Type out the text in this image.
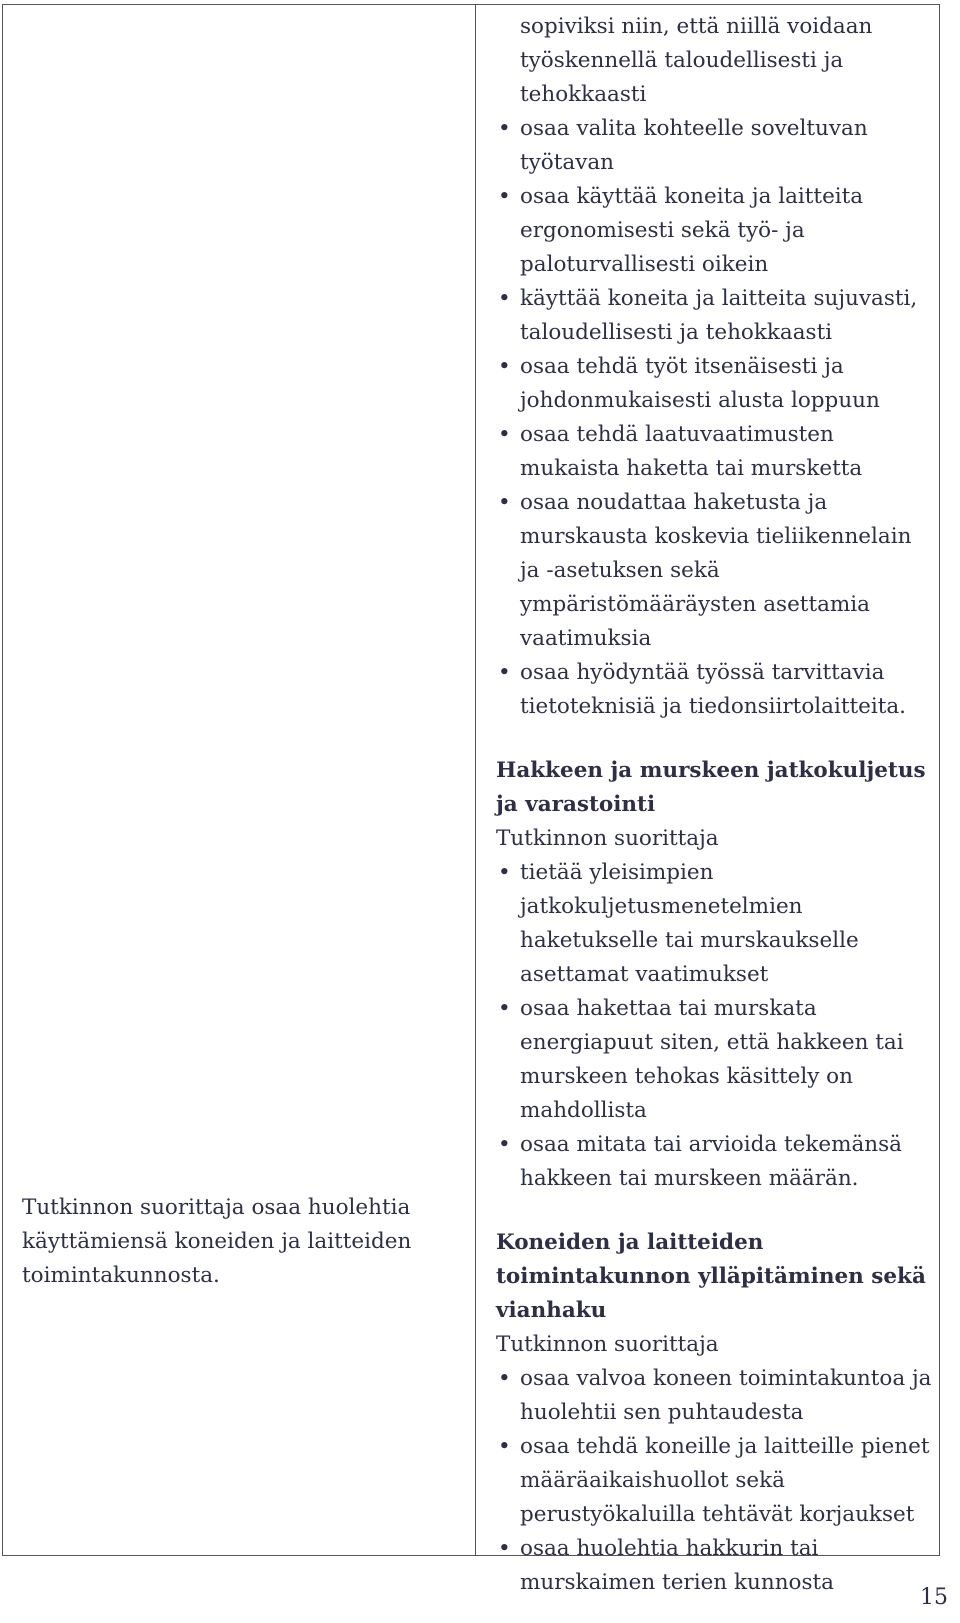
Tutkinnon suorittaja osaa huolehtia käyttämiensä koneiden ja laitteiden toimintakunnosta.

sopiviksi niin, että niillä voidaan työskennellä taloudellisesti ja tehokkaasti

• osaa valita kohteelle soveltuvan työtavan
• osaa käyttää koneita ja laitteita ergonomisesti sekä työ- ja paloturvallisesti oikein
• käyttää koneita ja laitteita sujuvasti, taloudellisesti ja tehokkaasti
• osaa tehdä työt itsenäisesti ja johdonmukaisesti alusta loppuun
• osaa tehdä laatuvaatimusten mukaista haketta tai mursketta
• osaa noudattaa haketusta ja murskausta koskevia tieliikennelain ja -asetuksen sekä ympäristömääräysten asettamia vaatimuksia
• osaa hyödyntää työssä tarvittavia tietoteknisiä ja tiedonsiirtolaitteita.

Hakkeen ja murskeen jatkokuljetus ja varastointi

Tutkinnon suorittaja

• tietää yleisimpien jatkokuljetusmenetelmien haketukselle tai murskaukselle asettamat vaatimukset
• osaa hakettaa tai murskata energiapuut siten, että hakkeen tai murskeen tehokas käsittely on mahdollista
• osaa mitata tai arvioida tekemänsä hakkeen tai murskeen määrän.

Koneiden ja laitteiden toimintakunnon ylläpitäminen sekä vianhaku

Tutkinnon suorittaja

• osaa valvoa koneen toimintakuntoa ja huolehtii sen puhtaudesta
• osaa tehdä koneille ja laitteille pienet määräaikaishuollot sekä perustyökaluilla tehtävät korjaukset
• osaa huolehtia hakkurin tai murskaimen terien kunnosta
15
